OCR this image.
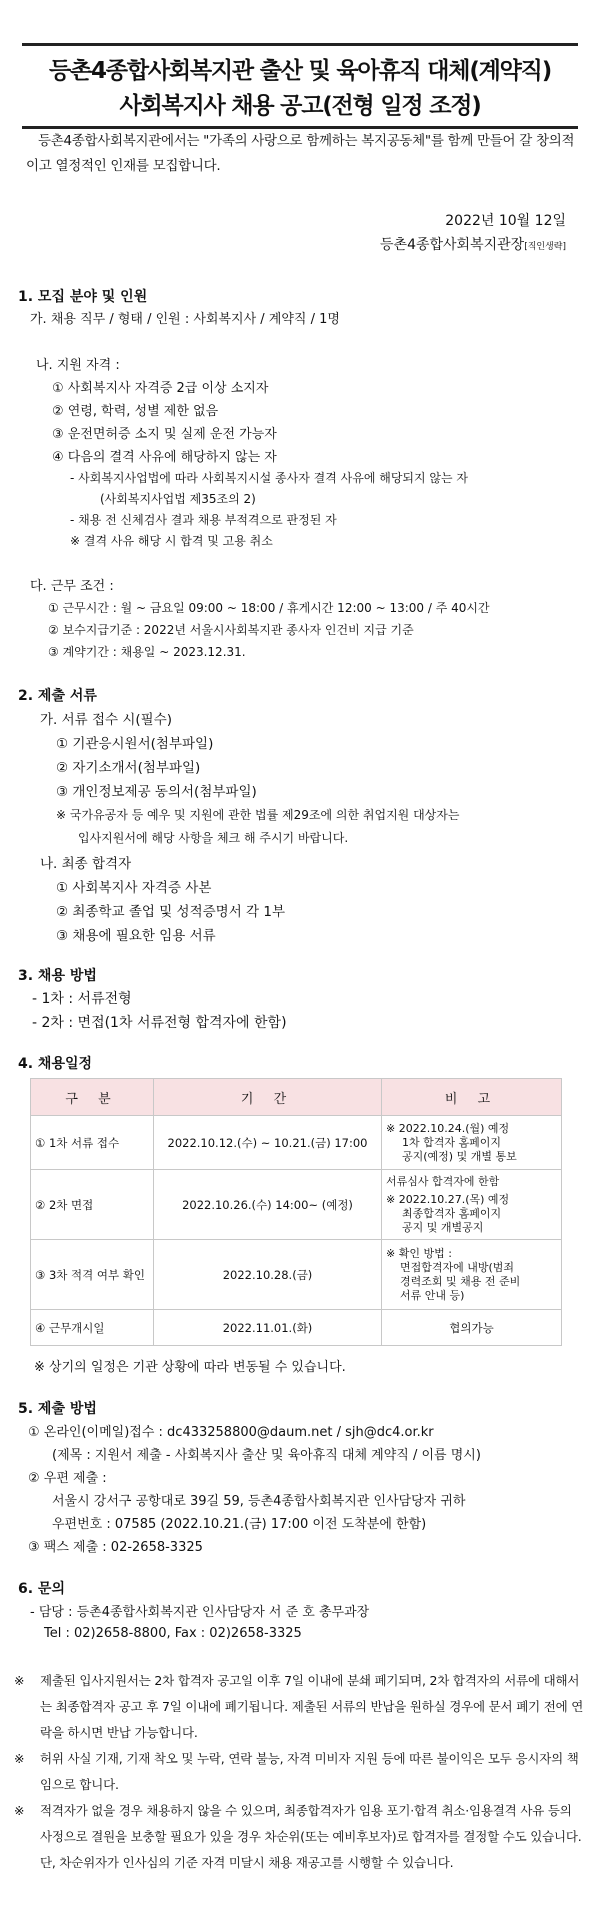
등촌4종합사회복지관 출산 및 육아휴직 대체(계약직)
사회복지사 채용 공고(전형 일정 조정)
등촌4종합사회복지관에서는 "가족의 사랑으로 함께하는 복지공동체"를 함께 만들어 갈 창의적이고 열정적인 인재를 모집합니다.
2022년 10월 12일
등촌4종합사회복지관장[직인생략]
1. 모집 분야 및 인원
가. 채용 직무 / 형태 / 인원 : 사회복지사 / 계약직 / 1명
나. 지원 자격 :
① 사회복지사 자격증 2급 이상 소지자
② 연령, 학력, 성별 제한 없음
③ 운전면허증 소지 및 실제 운전 가능자
④ 다음의 결격 사유에 해당하지 않는 자
- 사회복지사업법에 따라 사회복지시설 종사자 결격 사유에 해당되지 않는 자
(사회복지사업법 제35조의 2)
- 채용 전 신체검사 결과 채용 부적격으로 판정된 자
※ 결격 사유 해당 시 합격 및 고용 취소
다. 근무 조건 :
① 근무시간 : 월 ~ 금요일 09:00 ~ 18:00 / 휴게시간 12:00 ~ 13:00 / 주 40시간
② 보수지급기준 : 2022년 서울시사회복지관 종사자 인건비 지급 기준
③ 계약기간 : 채용일 ~ 2023.12.31.
2. 제출 서류
가. 서류 접수 시(필수)
① 기관응시원서(첨부파일)
② 자기소개서(첨부파일)
③ 개인정보제공 동의서(첨부파일)
※ 국가유공자 등 예우 및 지원에 관한 법률 제29조에 의한 취업지원 대상자는
입사지원서에 해당 사항을 체크 해 주시기 바랍니다.
나. 최종 합격자
① 사회복지사 자격증 사본
② 최종학교 졸업 및 성적증명서 각 1부
③ 채용에 필요한 임용 서류
3. 채용 방법
- 1차 : 서류전형
- 2차 : 면접(1차 서류전형 합격자에 한함)
4. 채용일정
구 분	기 간	비 고
① 1차 서류 접수	2022.10.12.(수) ~ 10.21.(금) 17:00	※ 2022.10.24.(월) 예정
1차 합격자 홈페이지
공지(예정) 및 개별 통보

② 2차 면접	2022.10.26.(수) 14:00~ (예정)	서류심사 합격자에 한함
※ 2022.10.27.(목) 예정
최종합격자 홈페이지
공지 및 개별공지

③ 3차 적격 여부 확인	2022.10.28.(금)	※ 확인 방법 :
면접합격자에 내방(범죄
경력조회 및 채용 전 준비
서류 안내 등)

④ 근무개시일	2022.11.01.(화)	협의가능
※ 상기의 일정은 기관 상황에 따라 변동될 수 있습니다.
5. 제출 방법
① 온라인(이메일)접수 : dc433258800@daum.net / sjh@dc4.or.kr
(제목 : 지원서 제출 - 사회복지사 출산 및 육아휴직 대체 계약직 / 이름 명시)
② 우편 제출 :
서울시 강서구 공항대로 39길 59, 등촌4종합사회복지관 인사담당자 귀하
우편번호 : 07585 (2022.10.21.(금) 17:00 이전 도착분에 한함)
③ 팩스 제출 : 02-2658-3325
6. 문의
- 담당 : 등촌4종합사회복지관 인사담당자 서 준 호 총무과장
Tel : 02)2658-8800, Fax : 02)2658-3325
※	제출된 입사지원서는 2차 합격자 공고일 이후 7일 이내에 분쇄 폐기되며, 2차 합격자의 서류에 대해서는 최종합격자 공고 후 7일 이내에 폐기됩니다. 제출된 서류의 반납을 원하실 경우에 문서 폐기 전에 연락을 하시면 반납 가능합니다.
※	허위 사실 기재, 기재 착오 및 누락, 연락 불능, 자격 미비자 지원 등에 따른 불이익은 모두 응시자의 책임으로 합니다.
※	적격자가 없을 경우 채용하지 않을 수 있으며, 최종합격자가 임용 포기·합격 취소·임용결격 사유 등의 사정으로 결원을 보충할 필요가 있을 경우 차순위(또는 예비후보자)로 합격자를 결정할 수도 있습니다. 단, 차순위자가 인사심의 기준 자격 미달시 채용 재공고를 시행할 수 있습니다.
